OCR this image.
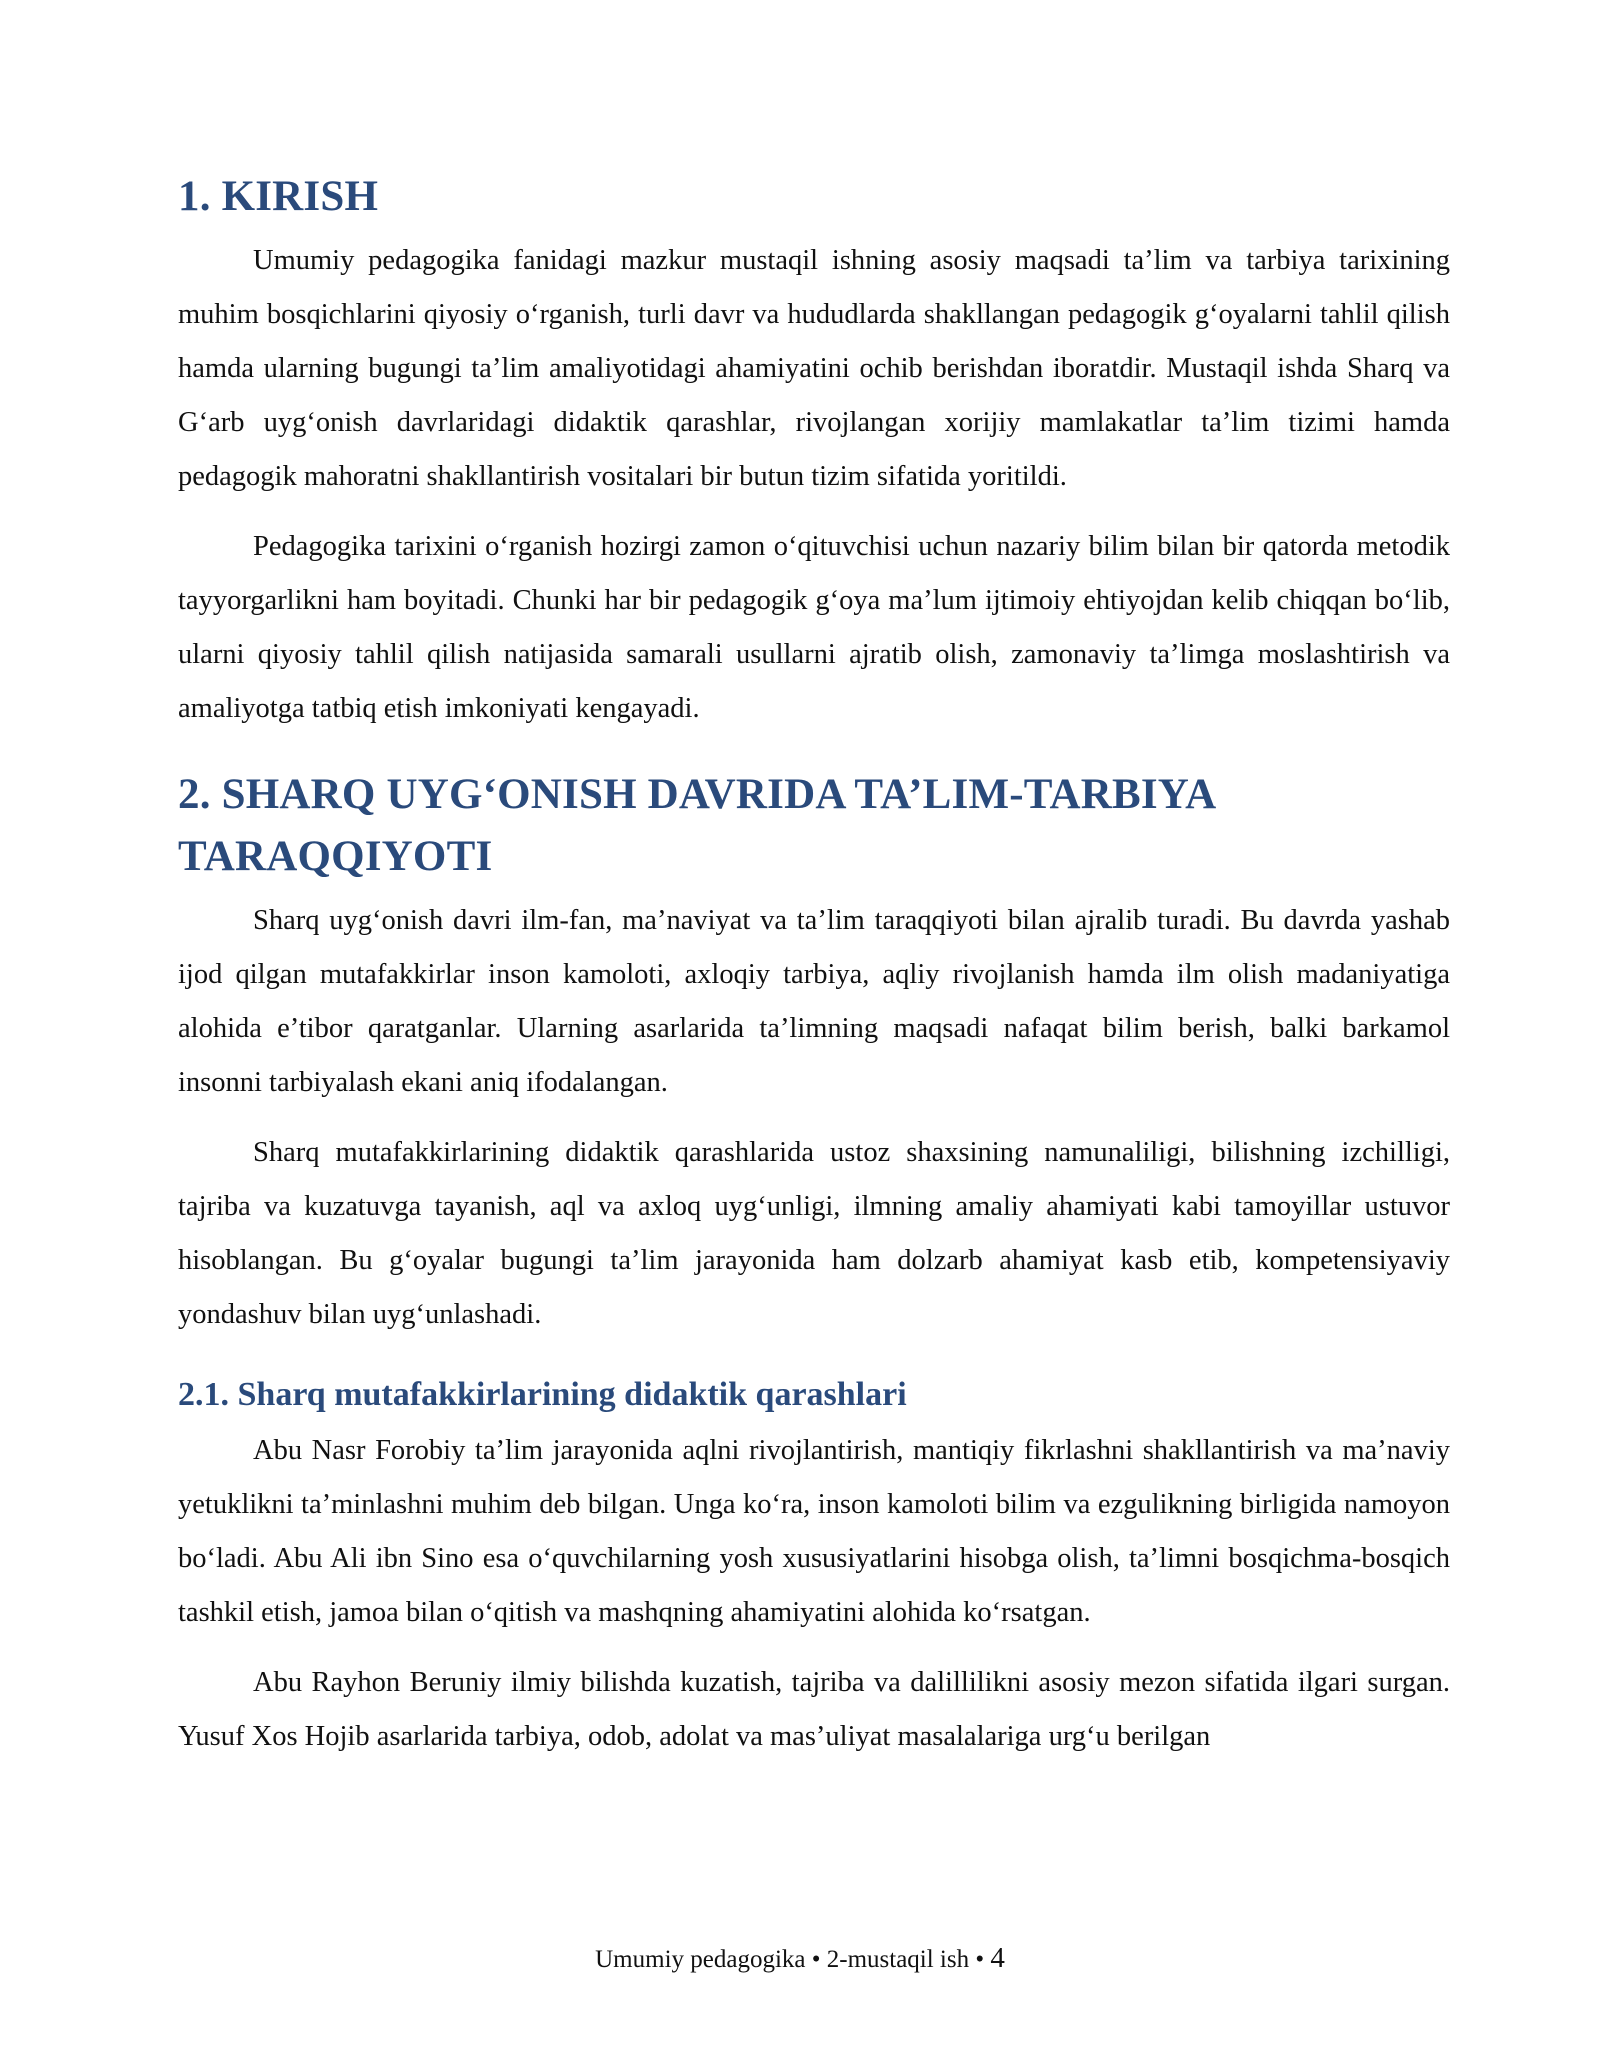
1. KIRISH

Umumiy pedagogika fanidagi mazkur mustaqil ishning asosiy maqsadi ta’lim va tarbiya tarixining muhim bosqichlarini qiyosiy o‘rganish, turli davr va hududlarda shakllangan pedagogik g‘oyalarni tahlil qilish hamda ularning bugungi ta’lim amaliyotidagi ahamiyatini ochib berishdan iboratdir. Mustaqil ishda Sharq va G‘arb uyg‘onish davrlaridagi didaktik qarashlar, rivojlangan xorijiy mamlakatlar ta’lim tizimi hamda pedagogik mahoratni shakllantirish vositalari bir butun tizim sifatida yoritildi.

Pedagogika tarixini o‘rganish hozirgi zamon o‘qituvchisi uchun nazariy bilim bilan bir qatorda metodik tayyorgarlikni ham boyitadi. Chunki har bir pedagogik g‘oya ma’lum ijtimoiy ehtiyojdan kelib chiqqan bo‘lib, ularni qiyosiy tahlil qilish natijasida samarali usullarni ajratib olish, zamonaviy ta’limga moslashtirish va amaliyotga tatbiq etish imkoniyati kengayadi.

2. SHARQ UYG‘ONISH DAVRIDA TA’LIM-TARBIYA TARAQQIYOTI

Sharq uyg‘onish davri ilm-fan, ma’naviyat va ta’lim taraqqiyoti bilan ajralib turadi. Bu davrda yashab ijod qilgan mutafakkirlar inson kamoloti, axloqiy tarbiya, aqliy rivojlanish hamda ilm olish madaniyatiga alohida e’tibor qaratganlar. Ularning asarlarida ta’limning maqsadi nafaqat bilim berish, balki barkamol insonni tarbiyalash ekani aniq ifodalangan.

Sharq mutafakkirlarining didaktik qarashlarida ustoz shaxsining namunaliligi, bilishning izchilligi, tajriba va kuzatuvga tayanish, aql va axloq uyg‘unligi, ilmning amaliy ahamiyati kabi tamoyillar ustuvor hisoblangan. Bu g‘oyalar bugungi ta’lim jarayonida ham dolzarb ahamiyat kasb etib, kompetensiyaviy yondashuv bilan uyg‘unlashadi.

2.1. Sharq mutafakkirlarining didaktik qarashlari

Abu Nasr Forobiy ta’lim jarayonida aqlni rivojlantirish, mantiqiy fikrlashni shakllantirish va ma’naviy yetuklikni ta’minlashni muhim deb bilgan. Unga ko‘ra, inson kamoloti bilim va ezgulikning birligida namoyon bo‘ladi. Abu Ali ibn Sino esa o‘quvchilarning yosh xususiyatlarini hisobga olish, ta’limni bosqichma-bosqich tashkil etish, jamoa bilan o‘qitish va mashqning ahamiyatini alohida ko‘rsatgan.

Abu Rayhon Beruniy ilmiy bilishda kuzatish, tajriba va dalillilikni asosiy mezon sifatida ilgari surgan. Yusuf Xos Hojib asarlarida tarbiya, odob, adolat va mas’uliyat masalalariga urg‘u berilgan

Umumiy pedagogika • 2-mustaqil ish • 4
